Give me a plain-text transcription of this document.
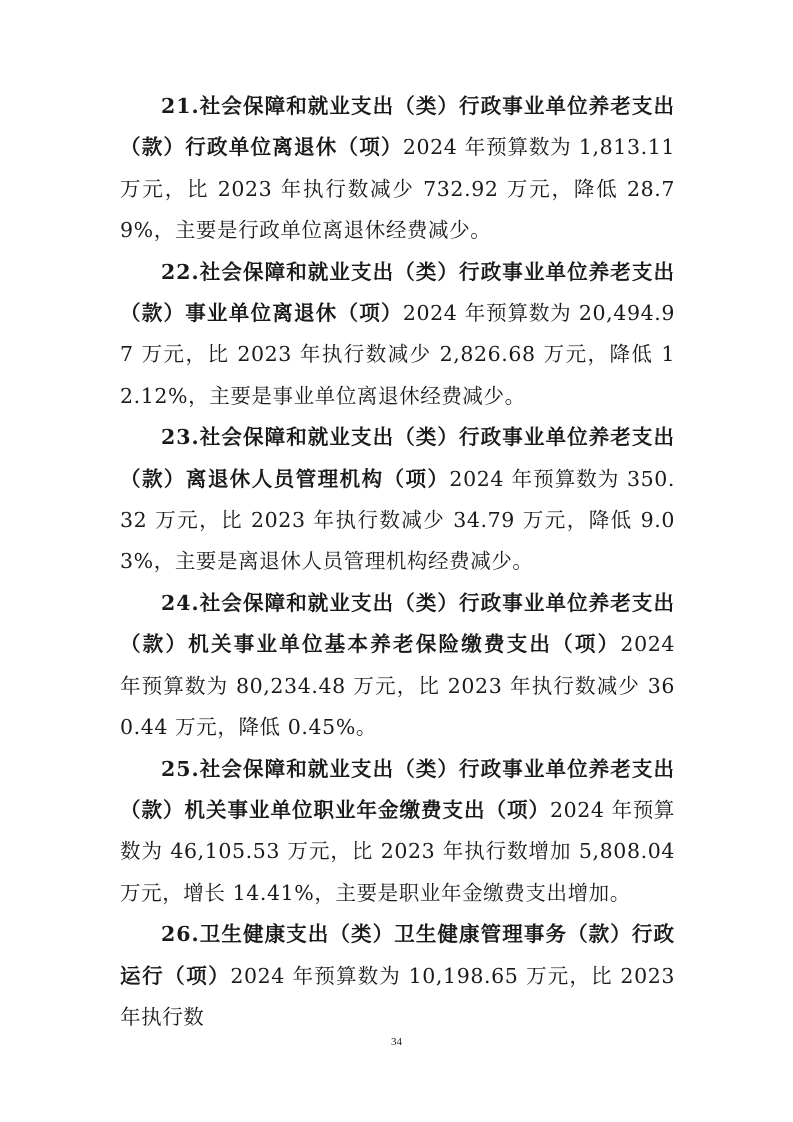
21.社会保障和就业支出（类）行政事业单位养老支出（款）行政单位离退休（项）2024 年预算数为 1,813.11 万元，比 2023 年执行数减少 732.92 万元，降低 28.79%，主要是行政单位离退休经费减少。

22.社会保障和就业支出（类）行政事业单位养老支出（款）事业单位离退休（项）2024 年预算数为 20,494.97 万元，比 2023 年执行数减少 2,826.68 万元，降低 12.12%，主要是事业单位离退休经费减少。

23.社会保障和就业支出（类）行政事业单位养老支出（款）离退休人员管理机构（项）2024 年预算数为 350.32 万元，比 2023 年执行数减少 34.79 万元，降低 9.03%，主要是离退休人员管理机构经费减少。

24.社会保障和就业支出（类）行政事业单位养老支出（款）机关事业单位基本养老保险缴费支出（项）2024 年预算数为 80,234.48 万元，比 2023 年执行数减少 360.44 万元，降低 0.45%。

25.社会保障和就业支出（类）行政事业单位养老支出（款）机关事业单位职业年金缴费支出（项）2024 年预算数为 46,105.53 万元，比 2023 年执行数增加 5,808.04 万元，增长 14.41%，主要是职业年金缴费支出增加。

26.卫生健康支出（类）卫生健康管理事务（款）行政运行（项）2024 年预算数为 10,198.65 万元，比 2023 年执行数

34
